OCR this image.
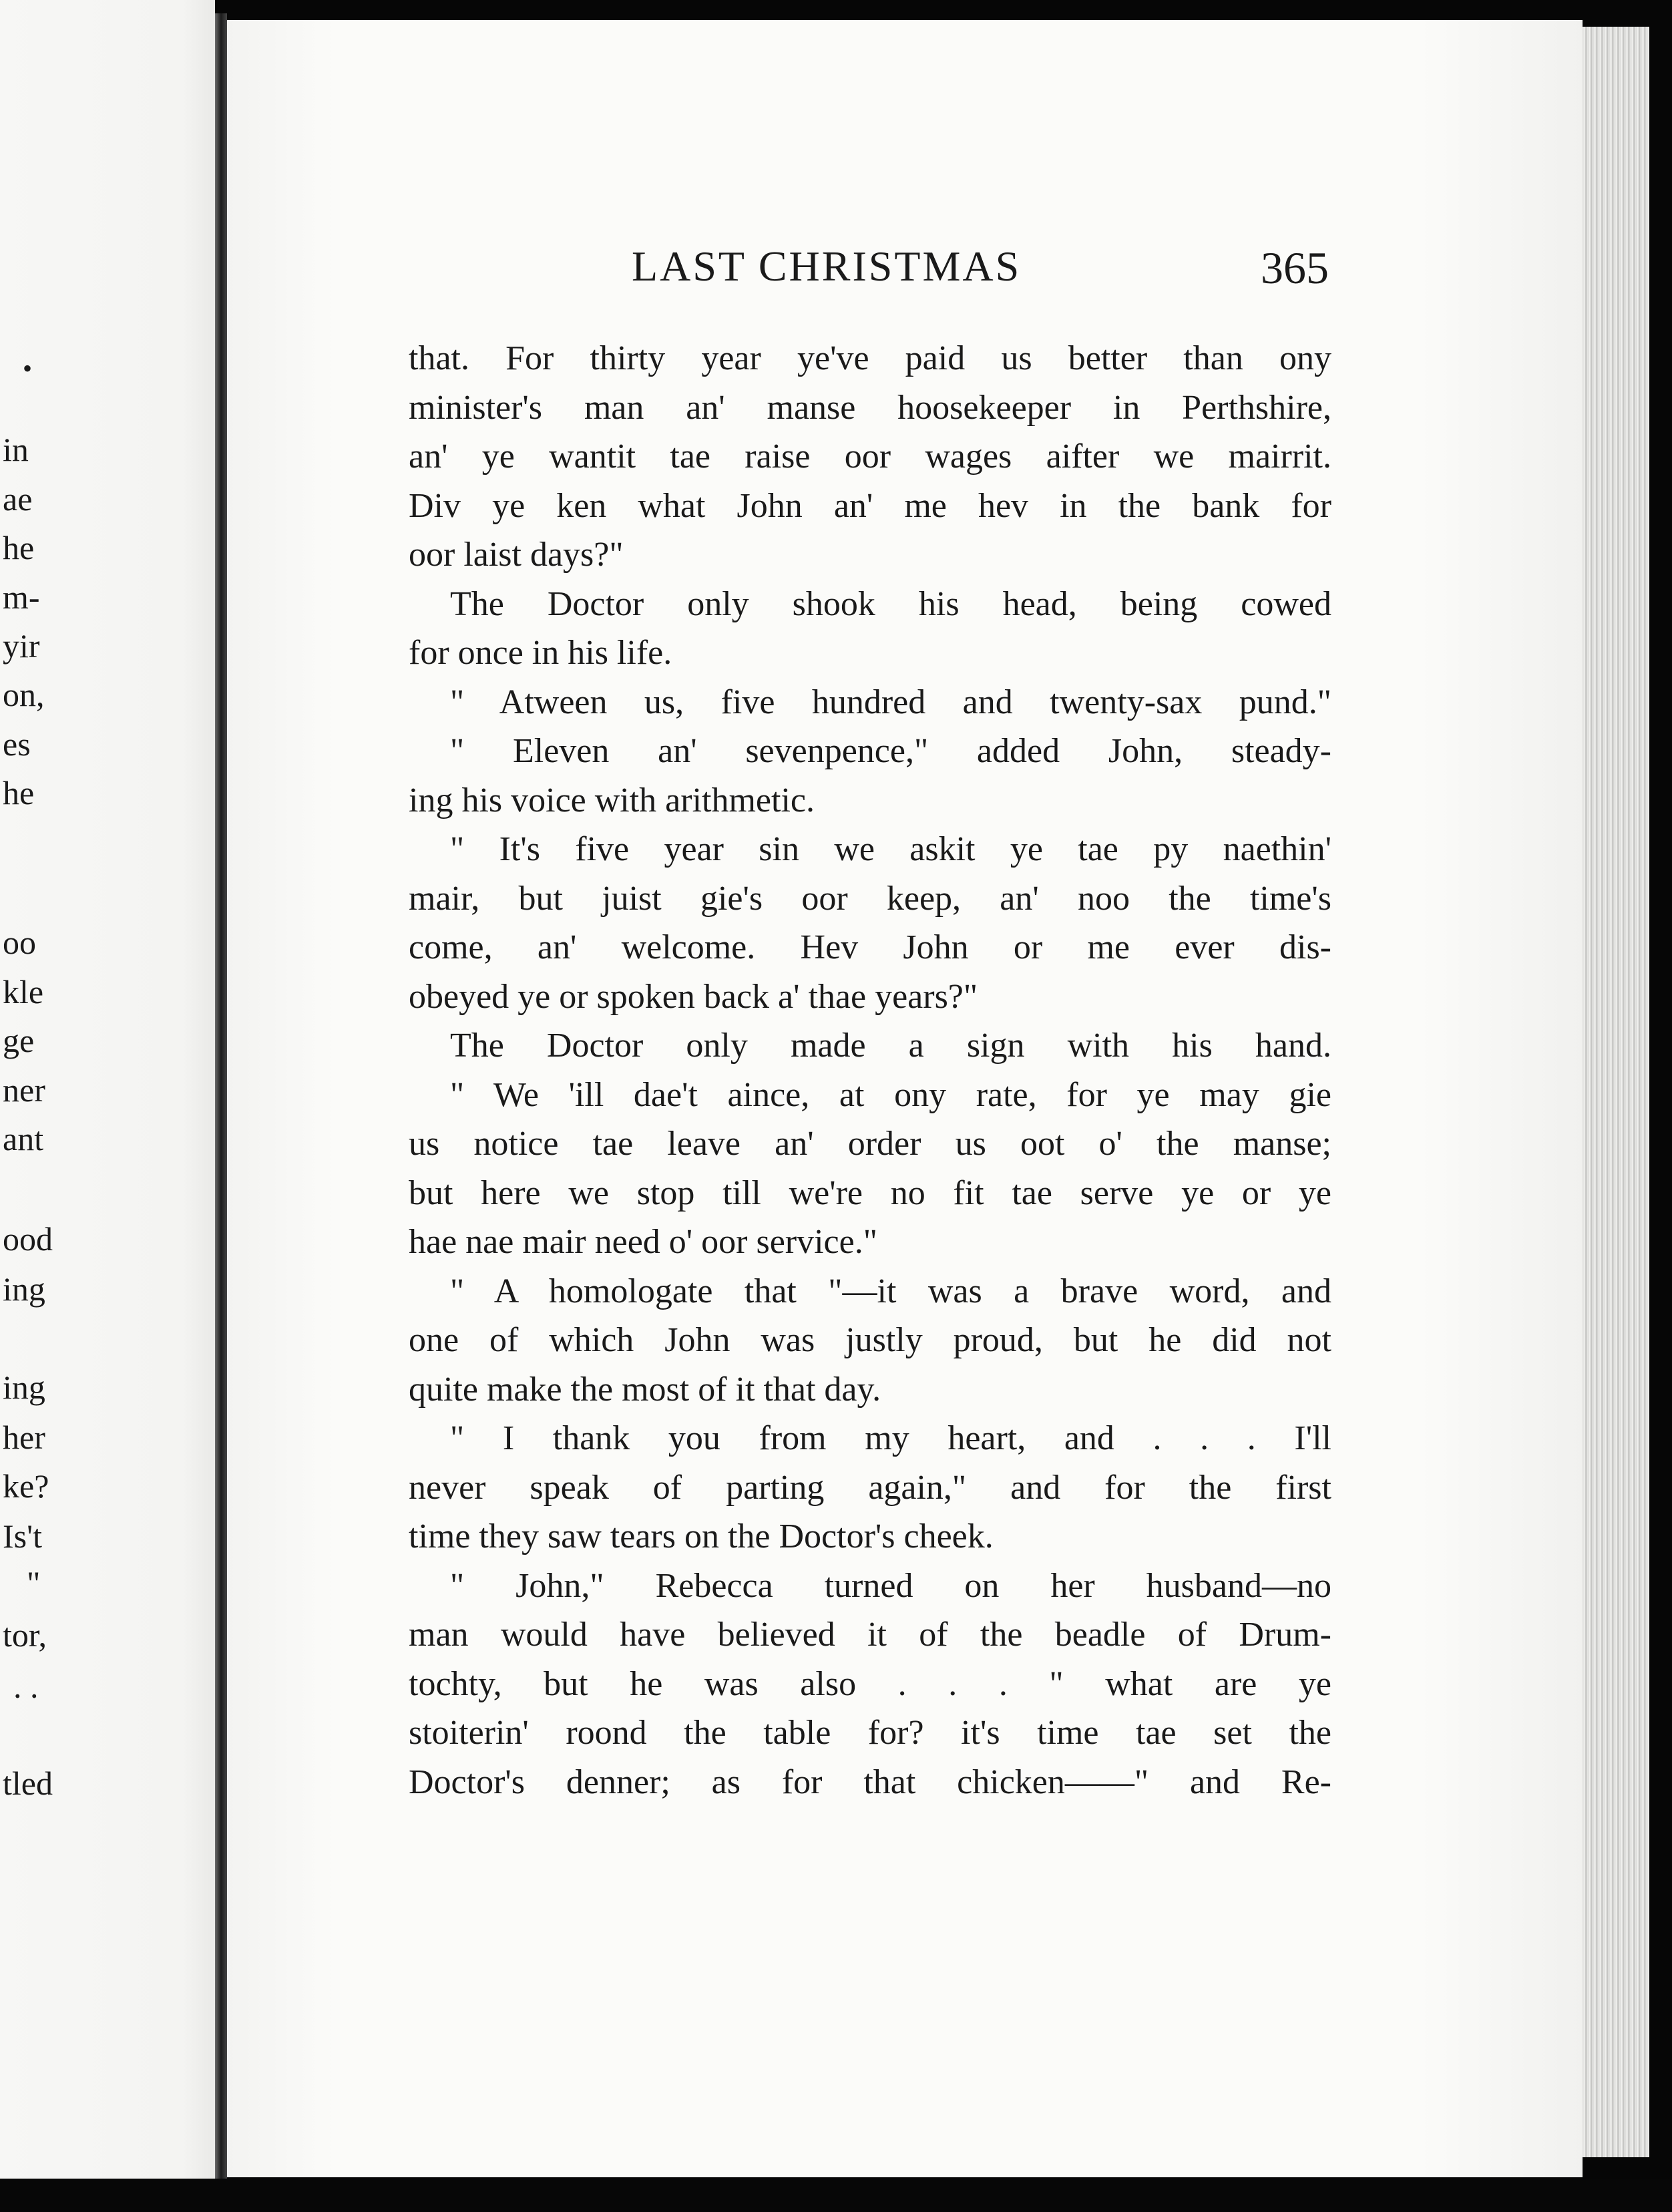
•
in
ae
he
m-
yir
on,
es
he
oo
kle
ge
ner
ant
ood
ing
ing
her
ke?
Is't
"
tor,
. .
tled
LAST CHRISTMAS	365
that. For thirty year ye've paid us better than ony
minister's man an' manse hoosekeeper in Perthshire,
an' ye wantit tae raise oor wages aifter we mairrit.
Div ye ken what John an' me hev in the bank for
oor laist days?"
The Doctor only shook his head, being cowed
for once in his life.
" Atween us, five hundred and twenty-sax pund."
" Eleven an' sevenpence," added John, steady-
ing his voice with arithmetic.
" It's five year sin we askit ye tae py naethin'
mair, but juist gie's oor keep, an' noo the time's
come, an' welcome. Hev John or me ever dis-
obeyed ye or spoken back a' thae years?"
The Doctor only made a sign with his hand.
" We 'ill dae't aince, at ony rate, for ye may gie
us notice tae leave an' order us oot o' the manse;
but here we stop till we're no fit tae serve ye or ye
hae nae mair need o' oor service."
" A homologate that "—it was a brave word, and
one of which John was justly proud, but he did not
quite make the most of it that day.
" I thank you from my heart, and . . . I'll
never speak of parting again," and for the first
time they saw tears on the Doctor's cheek.
" John," Rebecca turned on her husband—no
man would have believed it of the beadle of Drum-
tochty, but he was also . . . " what are ye
stoiterin' roond the table for? it's time tae set the
Doctor's denner; as for that chicken——" and Re-
